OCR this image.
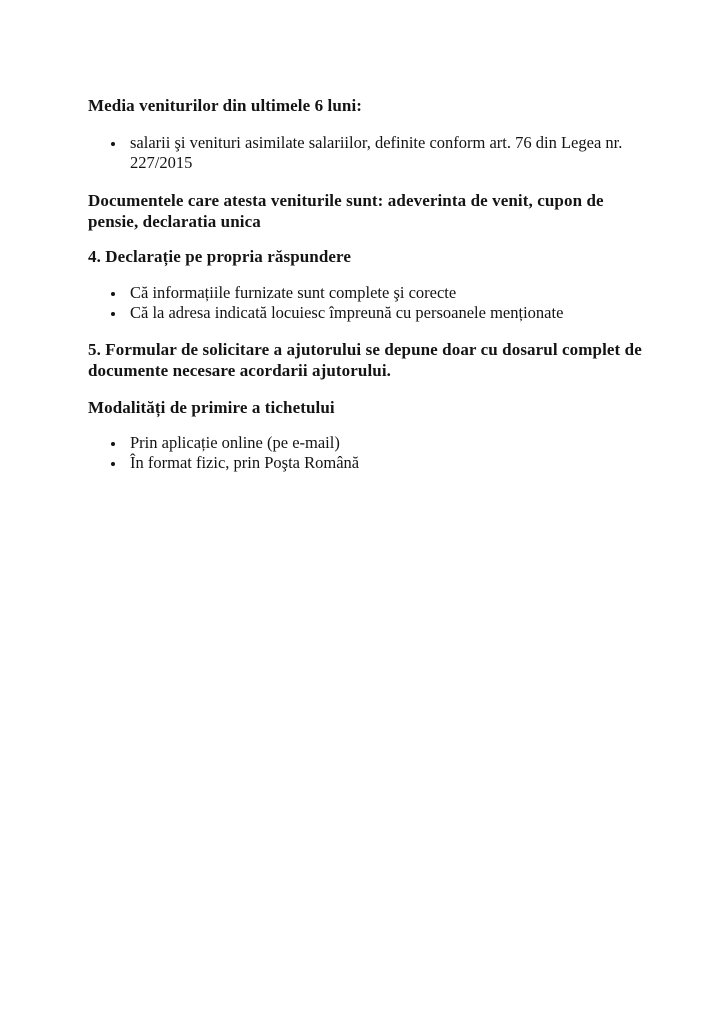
Media veniturilor din ultimele 6 luni:
salarii şi venituri asimilate salariilor, definite conform art. 76 din Legea nr. 227/2015
Documentele care atesta veniturile sunt: adeverinta de venit, cupon de pensie, declaratia unica
4. Declarație pe propria răspundere
Că informațiile furnizate sunt complete şi corecte
Că la adresa indicată locuiesc împreună cu persoanele menționate
5. Formular de solicitare a ajutorului se depune doar cu dosarul complet de documente necesare acordarii ajutorului.
Modalități de primire a tichetului
Prin aplicație online (pe e-mail)
În format fizic, prin Poşta Română
